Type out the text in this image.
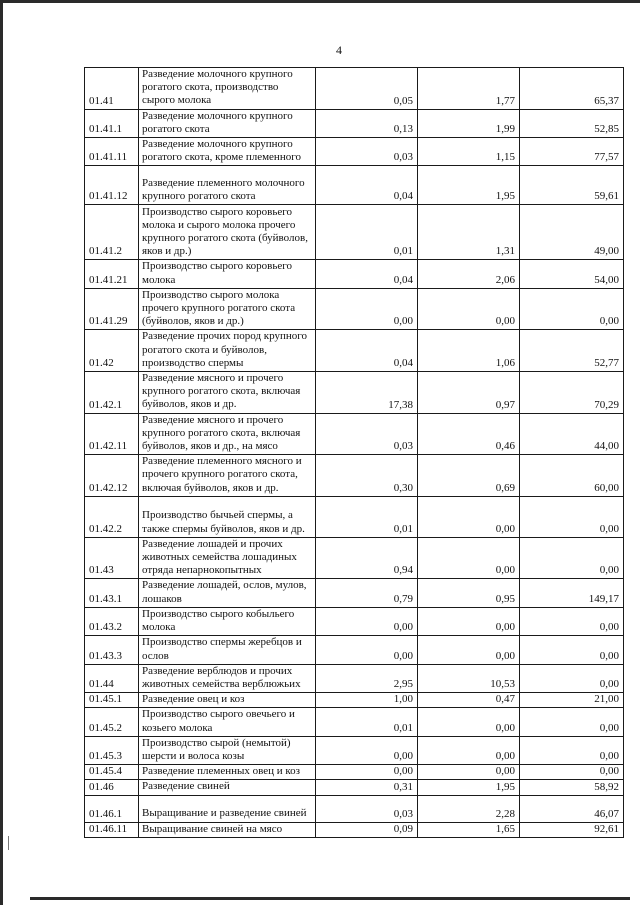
4
01.41	Разведение молочного крупного рогатого скота, производство сырого молока	0,05	1,77	65,37
01.41.1	Разведение молочного крупного рогатого скота	0,13	1,99	52,85
01.41.11	Разведение молочного крупного рогатого скота, кроме племенного	0,03	1,15	77,57
01.41.12	Разведение племенного молочного крупного рогатого скота	0,04	1,95	59,61
01.41.2	Производство сырого коровьего молока и сырого молока прочего крупного рогатого скота (буйволов, яков и др.)	0,01	1,31	49,00
01.41.21	Производство сырого коровьего молока	0,04	2,06	54,00
01.41.29	Производство сырого молока прочего крупного рогатого скота (буйволов, яков и др.)	0,00	0,00	0,00
01.42	Разведение прочих пород крупного рогатого скота и буйволов, производство спермы	0,04	1,06	52,77
01.42.1	Разведение мясного и прочего крупного рогатого скота, включая буйволов, яков и др.	17,38	0,97	70,29
01.42.11	Разведение мясного и прочего крупного рогатого скота, включая буйволов, яков и др., на мясо	0,03	0,46	44,00
01.42.12	Разведение племенного мясного и прочего крупного рогатого скота, включая буйволов, яков и др.	0,30	0,69	60,00
01.42.2	Производство бычьей спермы, а также спермы буйволов, яков и др.	0,01	0,00	0,00
01.43	Разведение лошадей и прочих животных семейства лошадиных отряда непарнокопытных	0,94	0,00	0,00
01.43.1	Разведение лошадей, ослов, мулов, лошаков	0,79	0,95	149,17
01.43.2	Производство сырого кобыльего молока	0,00	0,00	0,00
01.43.3	Производство спермы жеребцов и ослов	0,00	0,00	0,00
01.44	Разведение верблюдов и прочих животных семейства верблюжьих	2,95	10,53	0,00
01.45.1	Разведение овец и коз	1,00	0,47	21,00
01.45.2	Производство сырого овечьего и козьего молока	0,01	0,00	0,00
01.45.3	Производство сырой (немытой) шерсти и волоса козы	0,00	0,00	0,00
01.45.4	Разведение племенных овец и коз	0,00	0,00	0,00
01.46	Разведение свиней	0,31	1,95	58,92
01.46.1	Выращивание и разведение свиней	0,03	2,28	46,07
01.46.11	Выращивание свиней на мясо	0,09	1,65	92,61
